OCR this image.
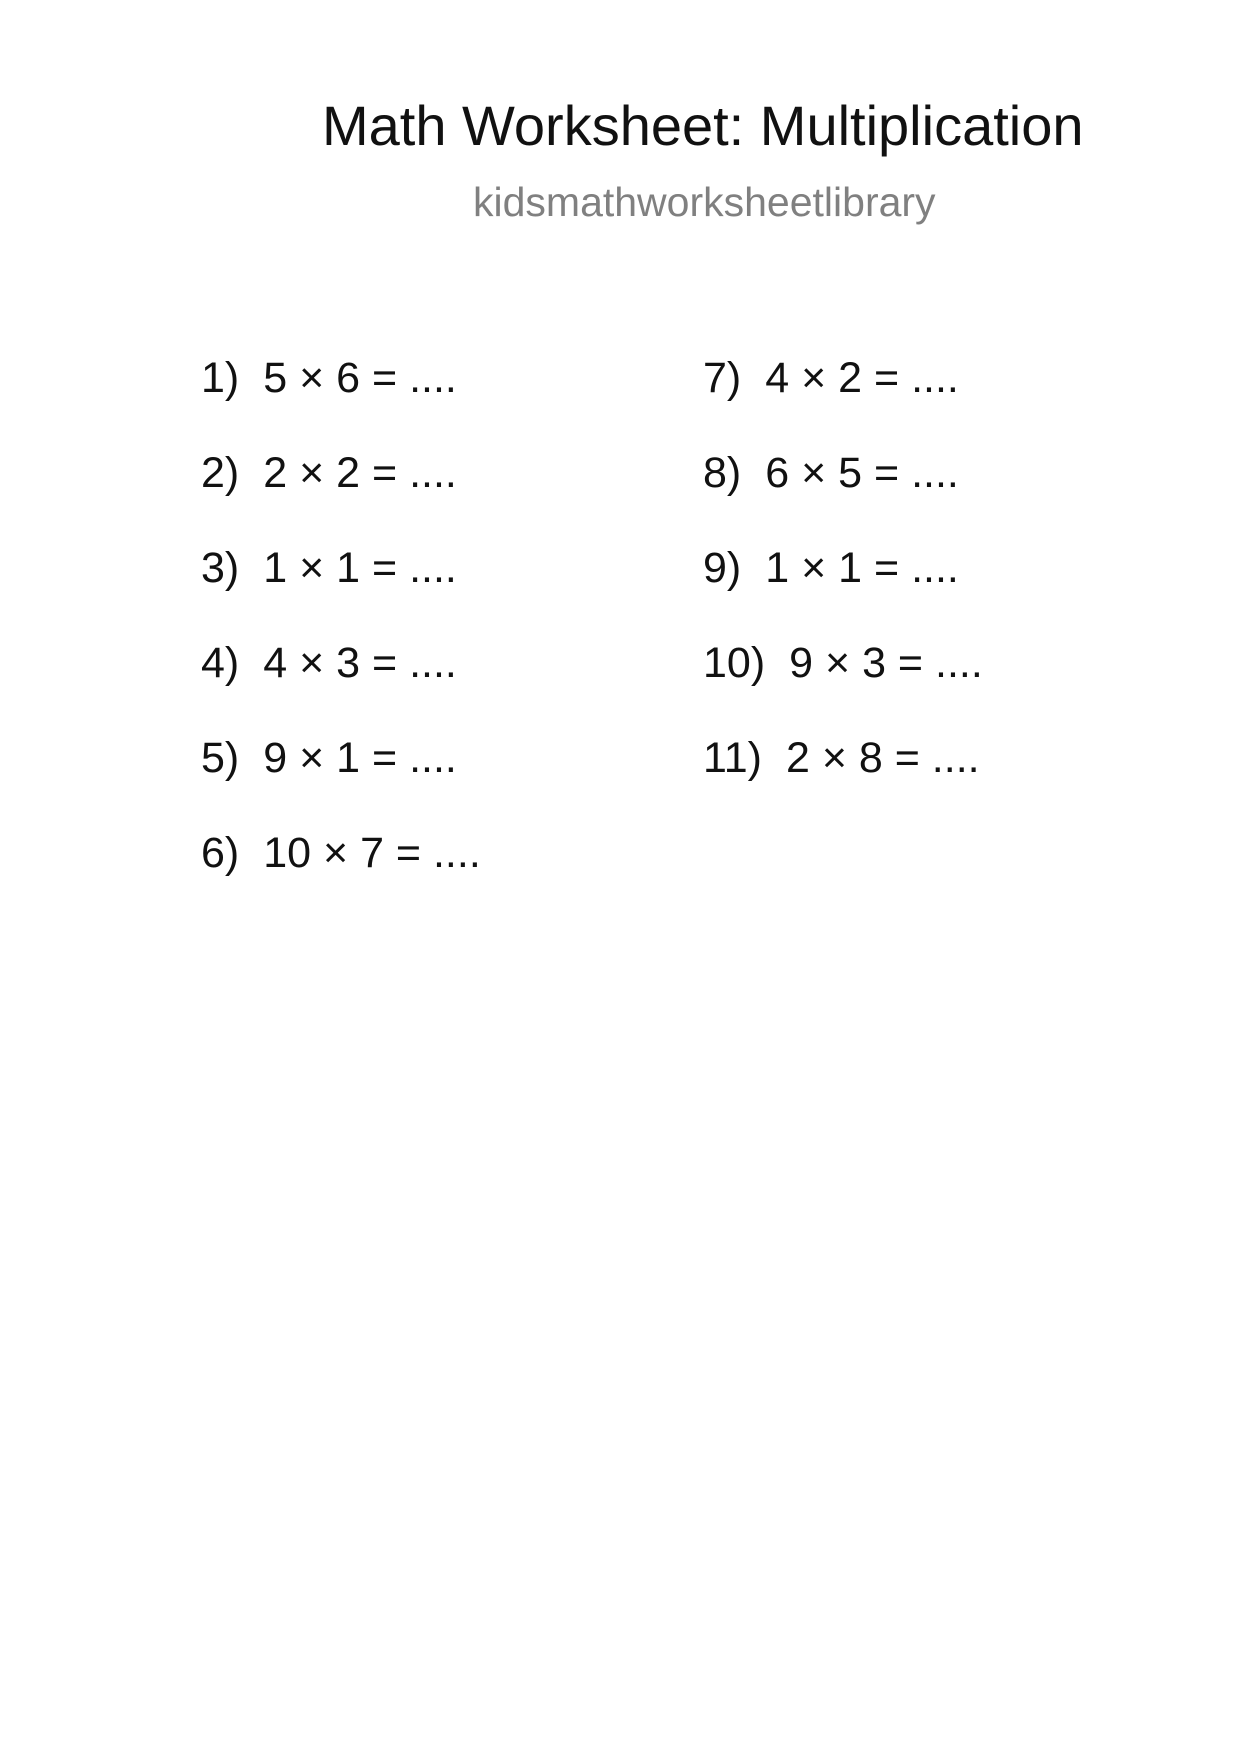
Math Worksheet: Multiplication
kidsmathworksheetlibrary
1) 5 × 6 = ....
2) 2 × 2 = ....
3) 1 × 1 = ....
4) 4 × 3 = ....
5) 9 × 1 = ....
6) 10 × 7 = ....
7) 4 × 2 = ....
8) 6 × 5 = ....
9) 1 × 1 = ....
10) 9 × 3 = ....
11) 2 × 8 = ....
